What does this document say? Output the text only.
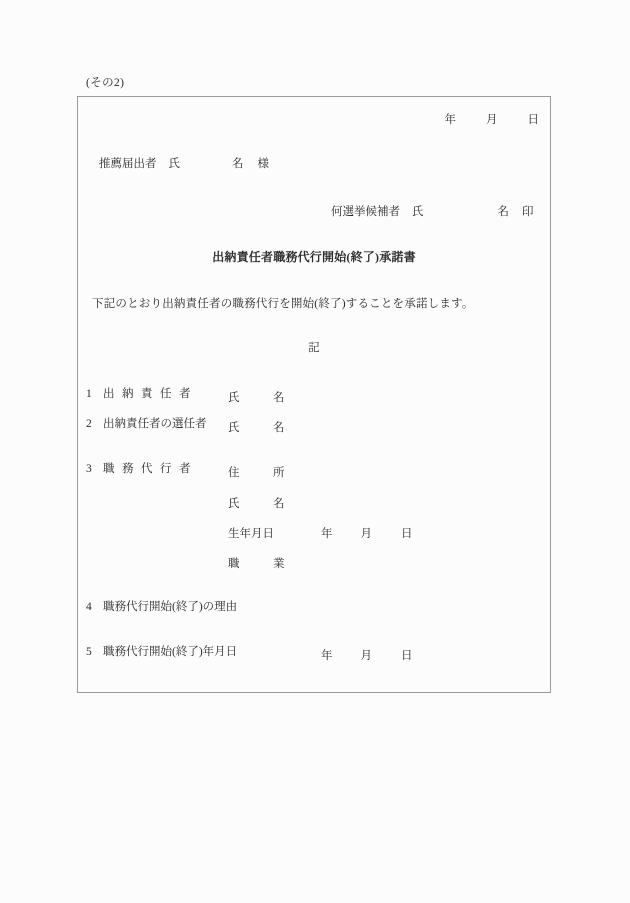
(その2)
年	月	日
推薦届出者 氏	名 様
何選挙候補者 氏	名 印
出納責任者職務代行開始(終了)承諾書
下記のとおり出納責任者の職務代行を開始(終了)することを承諾します。
記
1 出納責任者	氏　名
2 出納責任者の選任者 氏　名
3 職務代行者	住　所
氏　名
生年月日	年 月	日
職　業
4 職務代行開始(終了)の理由
5 職務代行開始(終了)年月日	年 月	日
